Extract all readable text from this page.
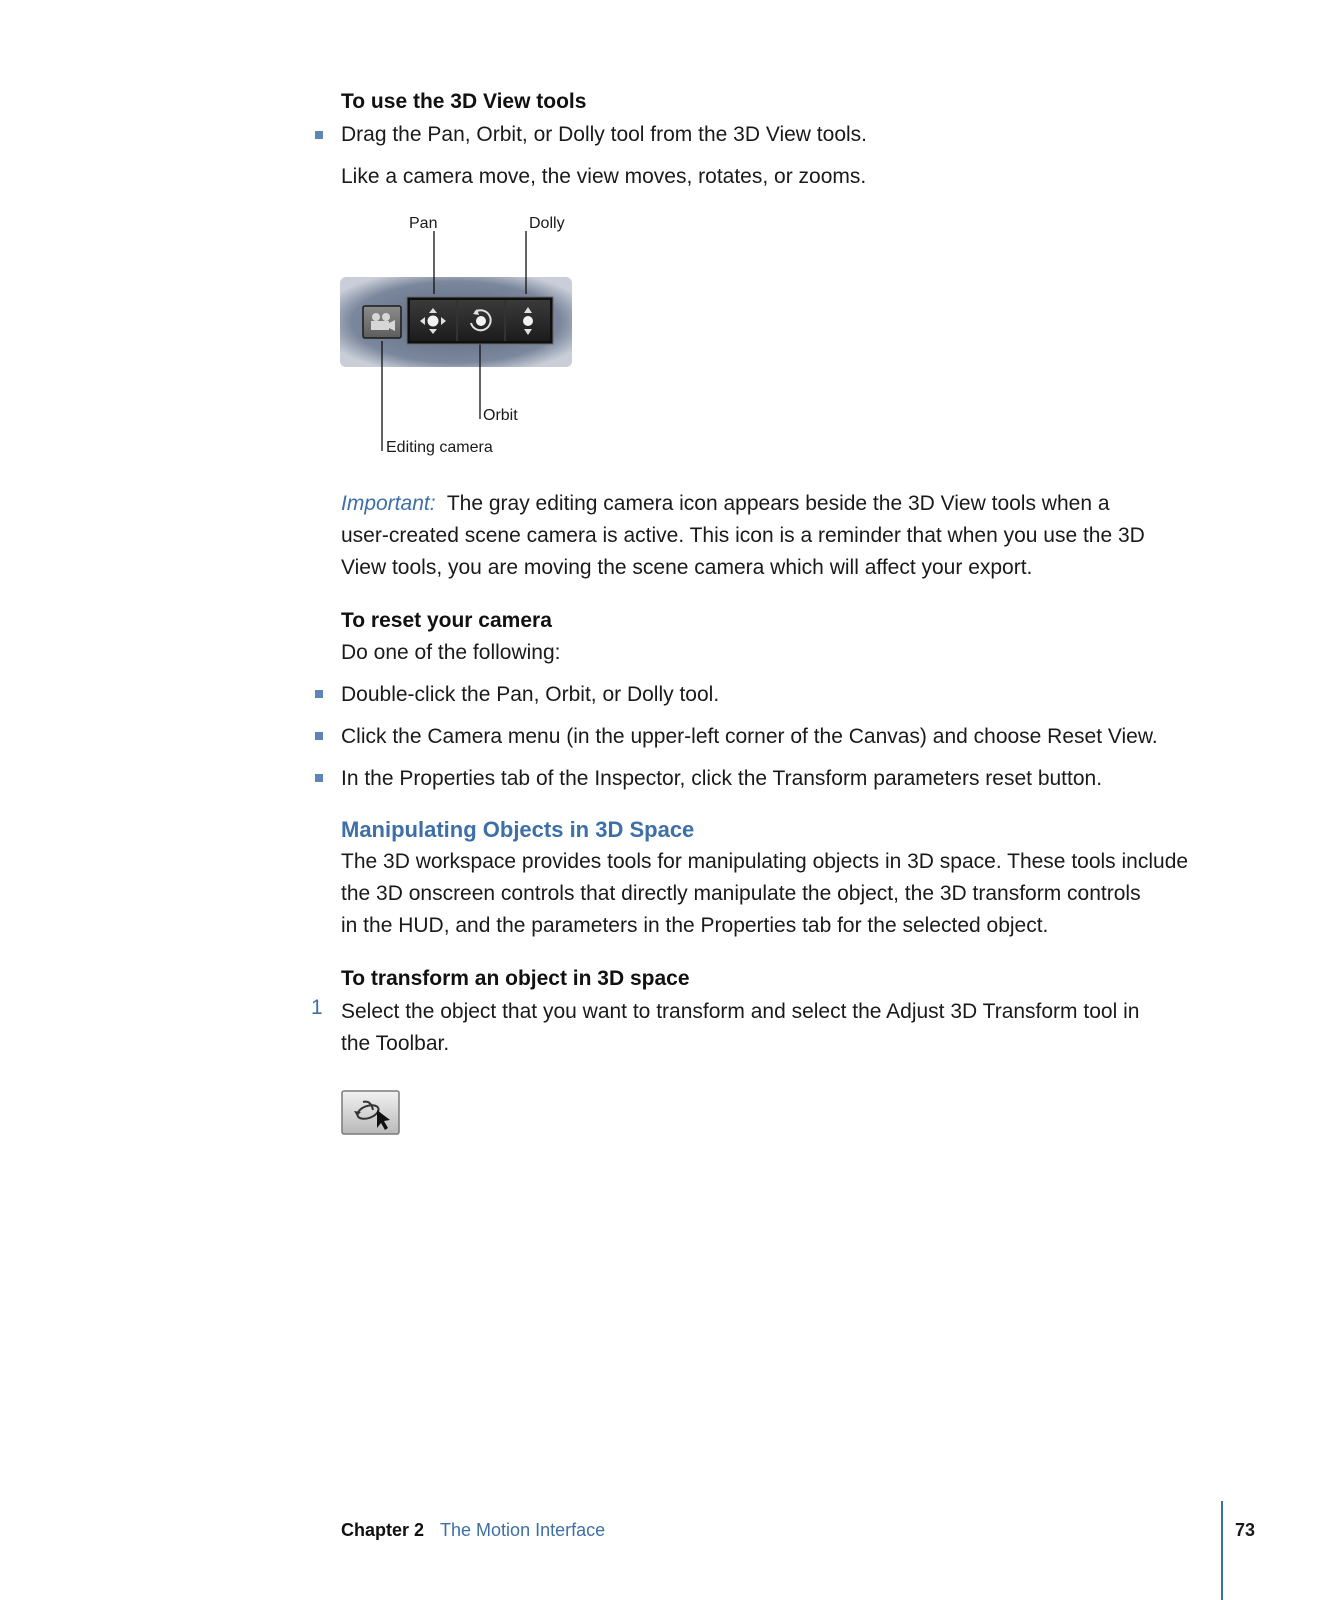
To use the 3D View tools
Drag the Pan, Orbit, or Dolly tool from the 3D View tools.
Like a camera move, the view moves, rotates, or zooms.
Pan	Dolly
Orbit
Editing camera
Important: The gray editing camera icon appears beside the 3D View tools when a
user-created scene camera is active. This icon is a reminder that when you use the 3D
View tools, you are moving the scene camera which will affect your export.
To reset your camera
Do one of the following:
Double-click the Pan, Orbit, or Dolly tool.
Click the Camera menu (in the upper-left corner of the Canvas) and choose Reset View.
In the Properties tab of the Inspector, click the Transform parameters reset button.
Manipulating Objects in 3D Space
The 3D workspace provides tools for manipulating objects in 3D space. These tools include
the 3D onscreen controls that directly manipulate the object, the 3D transform controls
in the HUD, and the parameters in the Properties tab for the selected object.
To transform an object in 3D space
1 Select the object that you want to transform and select the Adjust 3D Transform tool in
the Toolbar.
Chapter 2 The Motion Interface	73
